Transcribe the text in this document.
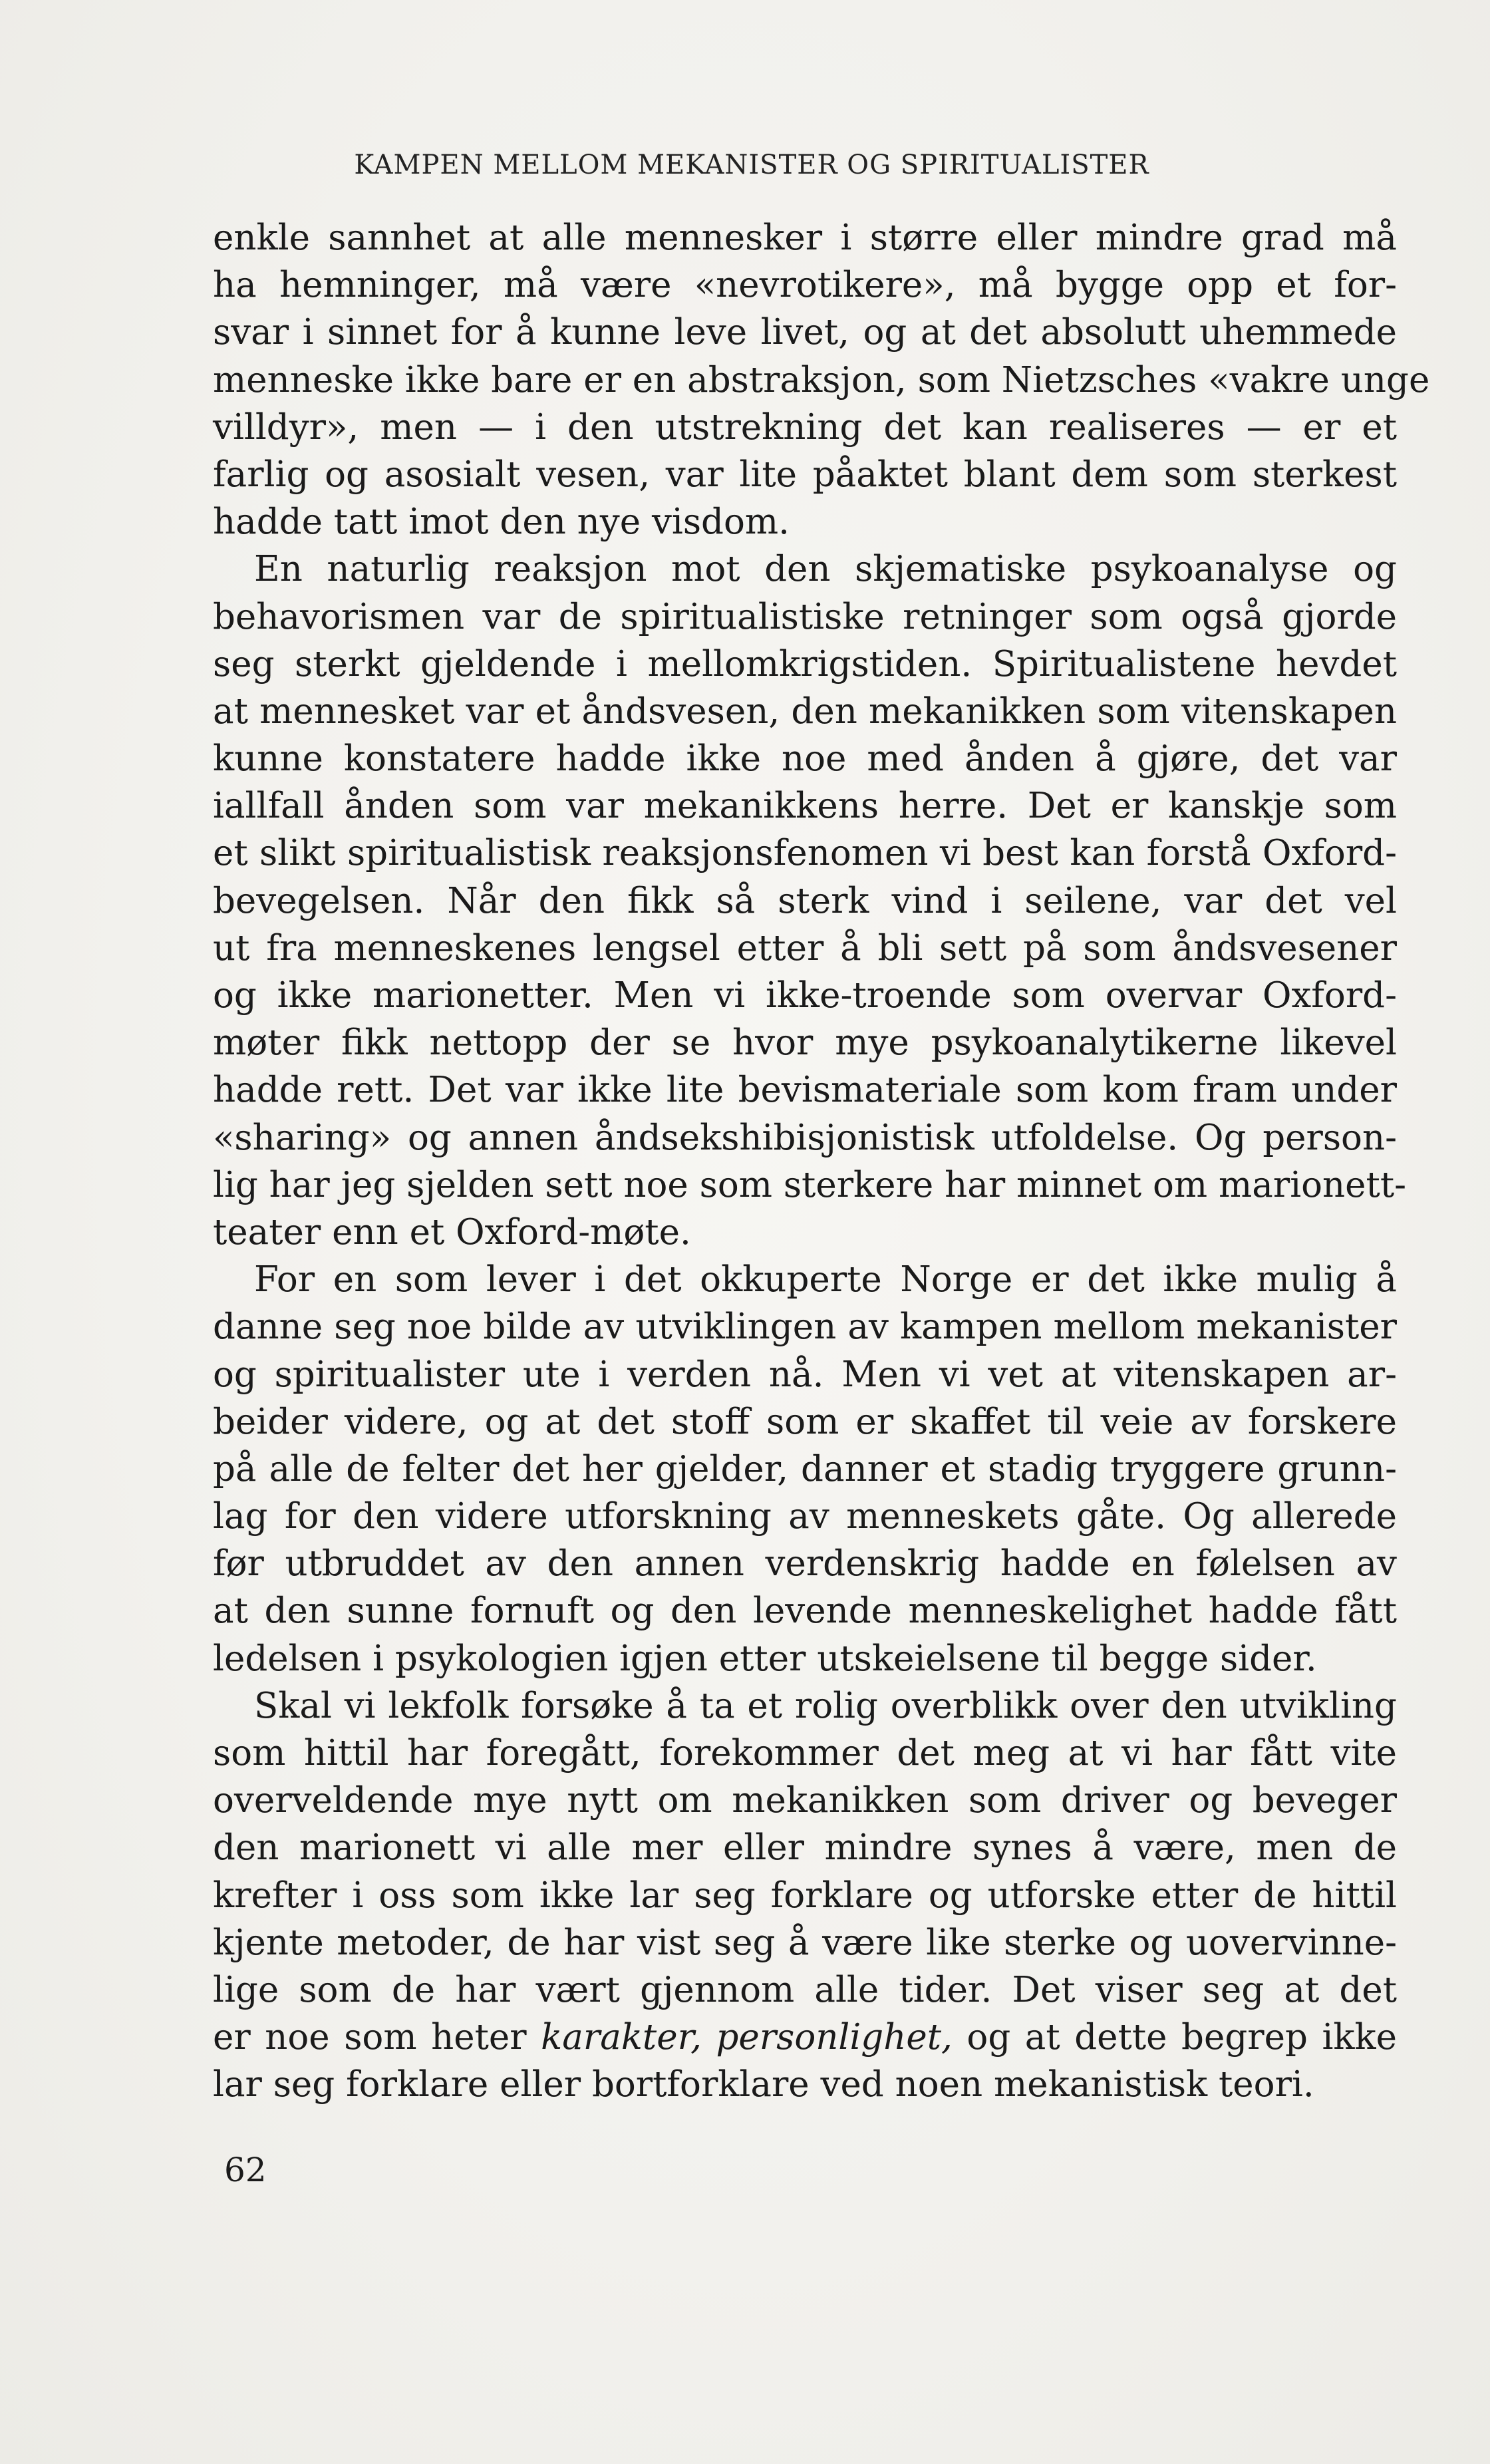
KAMPEN MELLOM MEKANISTER OG SPIRITUALISTER
enkle sannhet at alle mennesker i større eller mindre grad må
ha hemninger, må være «nevrotikere», må bygge opp et for-
svar i sinnet for å kunne leve livet, og at det absolutt uhemmede
menneske ikke bare er en abstraksjon, som Nietzsches «vakre unge
villdyr», men — i den utstrekning det kan realiseres — er et
farlig og asosialt vesen, var lite påaktet blant dem som sterkest
hadde tatt imot den nye visdom.
En naturlig reaksjon mot den skjematiske psykoanalyse og
behavorismen var de spiritualistiske retninger som også gjorde
seg sterkt gjeldende i mellomkrigstiden. Spiritualistene hevdet
at mennesket var et åndsvesen, den mekanikken som vitenskapen
kunne konstatere hadde ikke noe med ånden å gjøre, det var
iallfall ånden som var mekanikkens herre. Det er kanskje som
et slikt spiritualistisk reaksjonsfenomen vi best kan forstå Oxford-
bevegelsen. Når den fikk så sterk vind i seilene, var det vel
ut fra menneskenes lengsel etter å bli sett på som åndsvesener
og ikke marionetter. Men vi ikke-troende som overvar Oxford-
møter fikk nettopp der se hvor mye psykoanalytikerne likevel
hadde rett. Det var ikke lite bevismateriale som kom fram under
«sharing» og annen åndsekshibisjonistisk utfoldelse. Og person-
lig har jeg sjelden sett noe som sterkere har minnet om marionett-
teater enn et Oxford-møte.
For en som lever i det okkuperte Norge er det ikke mulig å
danne seg noe bilde av utviklingen av kampen mellom mekanister
og spiritualister ute i verden nå. Men vi vet at vitenskapen ar-
beider videre, og at det stoff som er skaffet til veie av forskere
på alle de felter det her gjelder, danner et stadig tryggere grunn-
lag for den videre utforskning av menneskets gåte. Og allerede
før utbruddet av den annen verdenskrig hadde en følelsen av
at den sunne fornuft og den levende menneskelighet hadde fått
ledelsen i psykologien igjen etter utskeielsene til begge sider.
Skal vi lekfolk forsøke å ta et rolig overblikk over den utvikling
som hittil har foregått, forekommer det meg at vi har fått vite
overveldende mye nytt om mekanikken som driver og beveger
den marionett vi alle mer eller mindre synes å være, men de
krefter i oss som ikke lar seg forklare og utforske etter de hittil
kjente metoder, de har vist seg å være like sterke og uovervinne-
lige som de har vært gjennom alle tider. Det viser seg at det
er noe som heter karakter, personlighet, og at dette begrep ikke
lar seg forklare eller bortforklare ved noen mekanistisk teori.
62
